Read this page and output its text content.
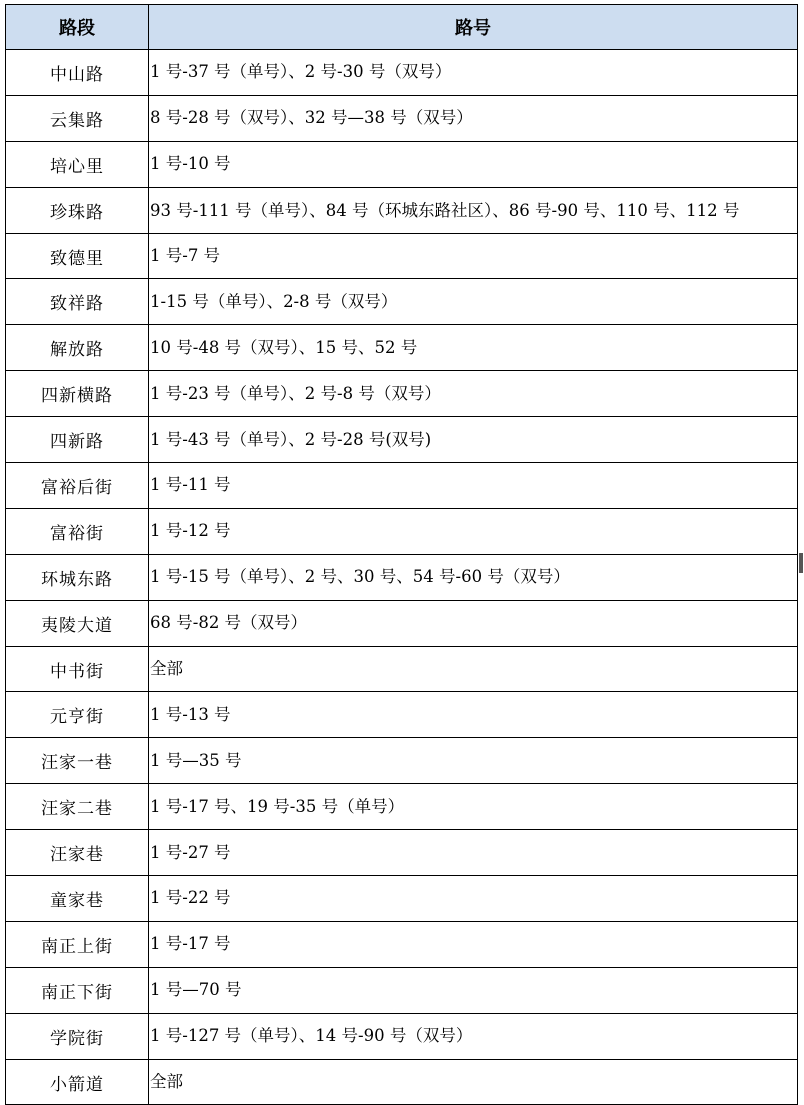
路段	路号
中山路	1 号-37 号（单号）、2 号-30 号（双号）
云集路	8 号-28 号（双号）、32 号—38 号（双号）
培心里	1 号-10 号
珍珠路	93 号-111 号（单号）、84 号（环城东路社区）、86 号-90 号、110 号、112 号
致德里	1 号-7 号
致祥路	1-15 号（单号）、2-8 号（双号）
解放路	10 号-48 号（双号）、15 号、52 号
四新横路	1 号-23 号（单号）、2 号-8 号（双号）
四新路	1 号-43 号（单号）、2 号-28 号(双号)
富裕后街	1 号-11 号
富裕街	1 号-12 号
环城东路	1 号-15 号（单号）、2 号、30 号、54 号-60 号（双号）
夷陵大道	68 号-82 号（双号）
中书街	全部
元亨街	1 号-13 号
汪家一巷	1 号—35 号
汪家二巷	1 号-17 号、19 号-35 号（单号）
汪家巷	1 号-27 号
童家巷	1 号-22 号
南正上街	1 号-17 号
南正下街	1 号—70 号
学院街	1 号-127 号（单号）、14 号-90 号（双号）
小箭道	全部
